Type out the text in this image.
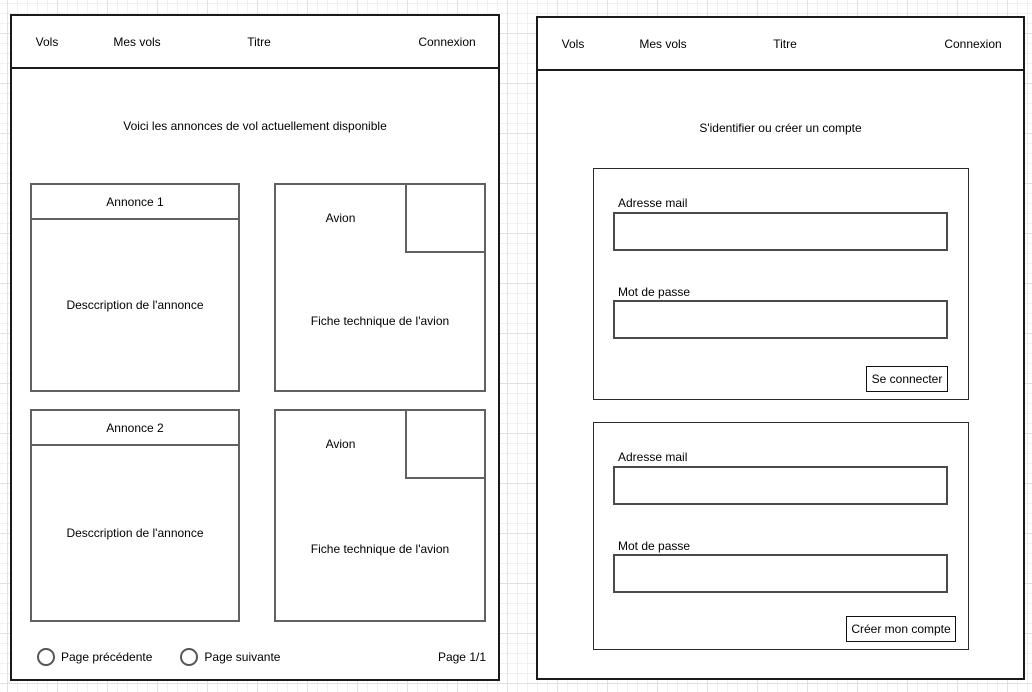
Vols	Mes vols	Titre	Connexion
Voici les annonces de vol actuellement disponible
Annonce 1
Desccription de l'annonce
Avion
Fiche technique de l'avion
Annonce 2
Desccription de l'annonce
Avion
Fiche technique de l'avion
Page précédente	Page suivante	Page 1/1
Vols	Mes vols	Titre	Connexion
S'identifier ou créer un compte
Adresse mail
Mot de passe
Se connecter
Adresse mail
Mot de passe
Créer mon compte
